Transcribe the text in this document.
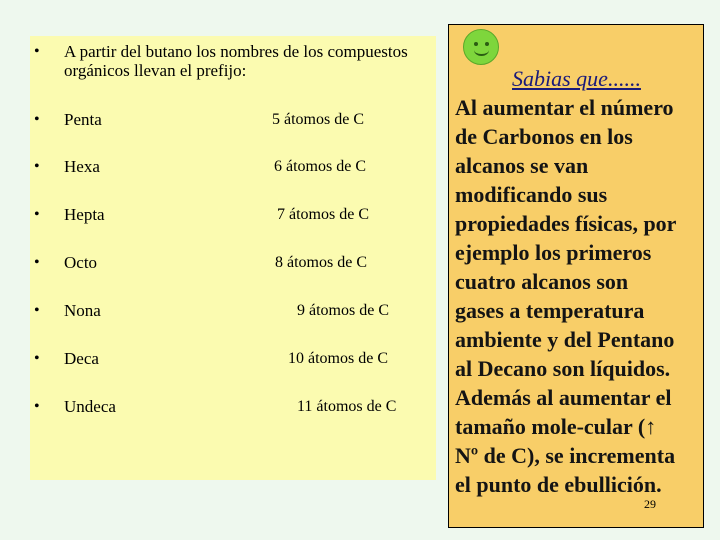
• A partir del butano los nombres de los compuestos orgánicos llevan el prefijo:
• Penta	5 átomos de C
• Hexa	6 átomos de C
• Hepta	7 átomos de C
• Octo	8 átomos de C
• Nona	9 átomos de C
• Deca	10 átomos de C
• Undeca	11 átomos de C
Sabias que......
Al aumentar el número
de Carbonos en los
alcanos se van
modificando sus
propiedades físicas, por
ejemplo los primeros
cuatro alcanos son
gases a temperatura
ambiente y del Pentano
al Decano son líquidos.
Además al aumentar el
tamaño mole-cular (↑
Nº de C), se incrementa
el punto de ebullición.
29
